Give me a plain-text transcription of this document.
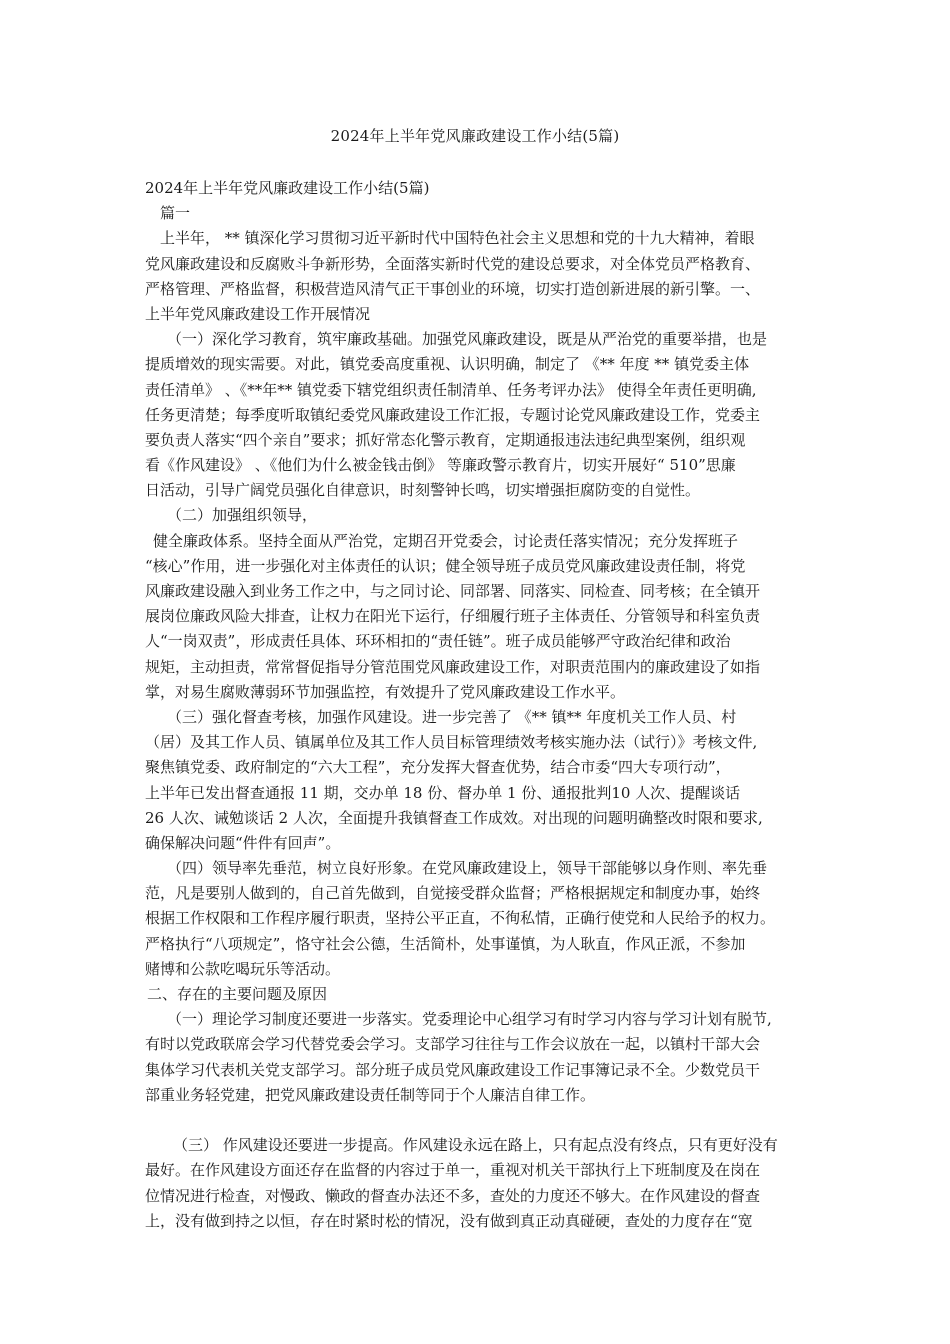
2024年上半年党风廉政建设工作小结(5篇)
2024年上半年党风廉政建设工作小结(5篇)
篇一
上半年， ** 镇深化学习贯彻习近平新时代中国特色社会主义思想和党的十九大精神，着眼
党风廉政建设和反腐败斗争新形势，全面落实新时代党的建设总要求，对全体党员严格教育、
严格管理、严格监督，积极营造风清气正干事创业的环境，切实打造创新进展的新引擎。一、
上半年党风廉政建设工作开展情况
（一）深化学习教育，筑牢廉政基础。加强党风廉政建设，既是从严治党的重要举措，也是
提质增效的现实需要。对此，镇党委高度重视、认识明确，制定了 《** 年度 ** 镇党委主体
责任清单》 、《**年** 镇党委下辖党组织责任制清单、任务考评办法》 使得全年责任更明确,
任务更清楚；每季度听取镇纪委党风廉政建设工作汇报，专题讨论党风廉政建设工作，党委主
要负责人落实“四个亲自”要求；抓好常态化警示教育，定期通报违法违纪典型案例，组织观
看《作风建设》 、《他们为什么被金钱击倒》 等廉政警示教育片，切实开展好“ 510”思廉
日活动，引导广阔党员强化自律意识，时刻警钟长鸣，切实增强拒腐防变的自觉性。
（二）加强组织领导，
健全廉政体系。坚持全面从严治党，定期召开党委会，讨论责任落实情况；充分发挥班子
“核心”作用，进一步强化对主体责任的认识；健全领导班子成员党风廉政建设责任制，将党
风廉政建设融入到业务工作之中，与之同讨论、同部署、同落实、同检查、同考核；在全镇开
展岗位廉政风险大排查，让权力在阳光下运行，仔细履行班子主体责任、分管领导和科室负责
人“一岗双责”，形成责任具体、环环相扣的“责任链”。班子成员能够严守政治纪律和政治
规矩，主动担责，常常督促指导分管范围党风廉政建设工作，对职责范围内的廉政建设了如指
掌，对易生腐败薄弱环节加强监控，有效提升了党风廉政建设工作水平。
（三）强化督查考核，加强作风建设。进一步完善了 《** 镇** 年度机关工作人员、村
（居）及其工作人员、镇属单位及其工作人员目标管理绩效考核实施办法（试行）》考核文件,
聚焦镇党委、政府制定的“六大工程”，充分发挥大督查优势，结合市委“四大专项行动”，
上半年已发出督查通报 11 期，交办单 18 份、督办单 1 份、通报批判10 人次、提醒谈话
26 人次、诫勉谈话 2 人次，全面提升我镇督查工作成效。对出现的问题明确整改时限和要求,
确保解决问题“件件有回声”。
（四）领导率先垂范，树立良好形象。在党风廉政建设上，领导干部能够以身作则、率先垂
范，凡是要别人做到的，自己首先做到，自觉接受群众监督；严格根据规定和制度办事，始终
根据工作权限和工作程序履行职责，坚持公平正直，不徇私情，正确行使党和人民给予的权力。
严格执行“八项规定”，恪守社会公德，生活简朴，处事谨慎，为人耿直，作风正派，不参加
赌博和公款吃喝玩乐等活动。
二、存在的主要问题及原因
（一）理论学习制度还要进一步落实。党委理论中心组学习有时学习内容与学习计划有脱节,
有时以党政联席会学习代替党委会学习。支部学习往往与工作会议放在一起，以镇村干部大会
集体学习代表机关党支部学习。部分班子成员党风廉政建设工作记事簿记录不全。少数党员干
部重业务轻党建，把党风廉政建设责任制等同于个人廉洁自律工作。
（三） 作风建设还要进一步提高。作风建设永远在路上，只有起点没有终点，只有更好没有
最好。在作风建设方面还存在监督的内容过于单一，重视对机关干部执行上下班制度及在岗在
位情况进行检查，对慢政、懒政的督查办法还不多，查处的力度还不够大。在作风建设的督查
上，没有做到持之以恒，存在时紧时松的情况，没有做到真正动真碰硬，查处的力度存在“宽
